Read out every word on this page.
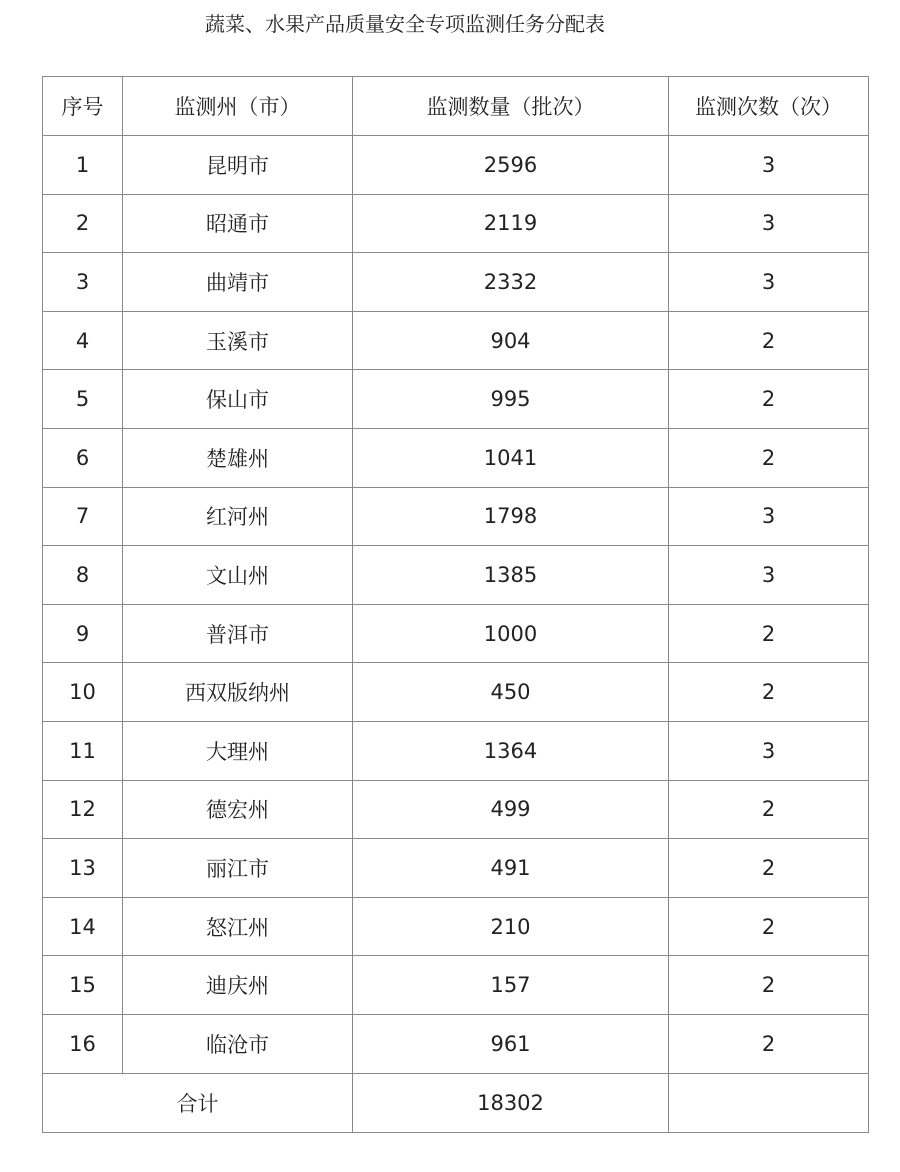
蔬菜、水果产品质量安全专项监测任务分配表
序号	监测州（市）	监测数量（批次）	监测次数（次）
1	昆明市	2596	3
2	昭通市	2119	3
3	曲靖市	2332	3
4	玉溪市	904	2
5	保山市	995	2
6	楚雄州	1041	2
7	红河州	1798	3
8	文山州	1385	3
9	普洱市	1000	2
10	西双版纳州	450	2
11	大理州	1364	3
12	德宏州	499	2
13	丽江市	491	2
14	怒江州	210	2
15	迪庆州	157	2
16	临沧市	961	2
合计		18302	
